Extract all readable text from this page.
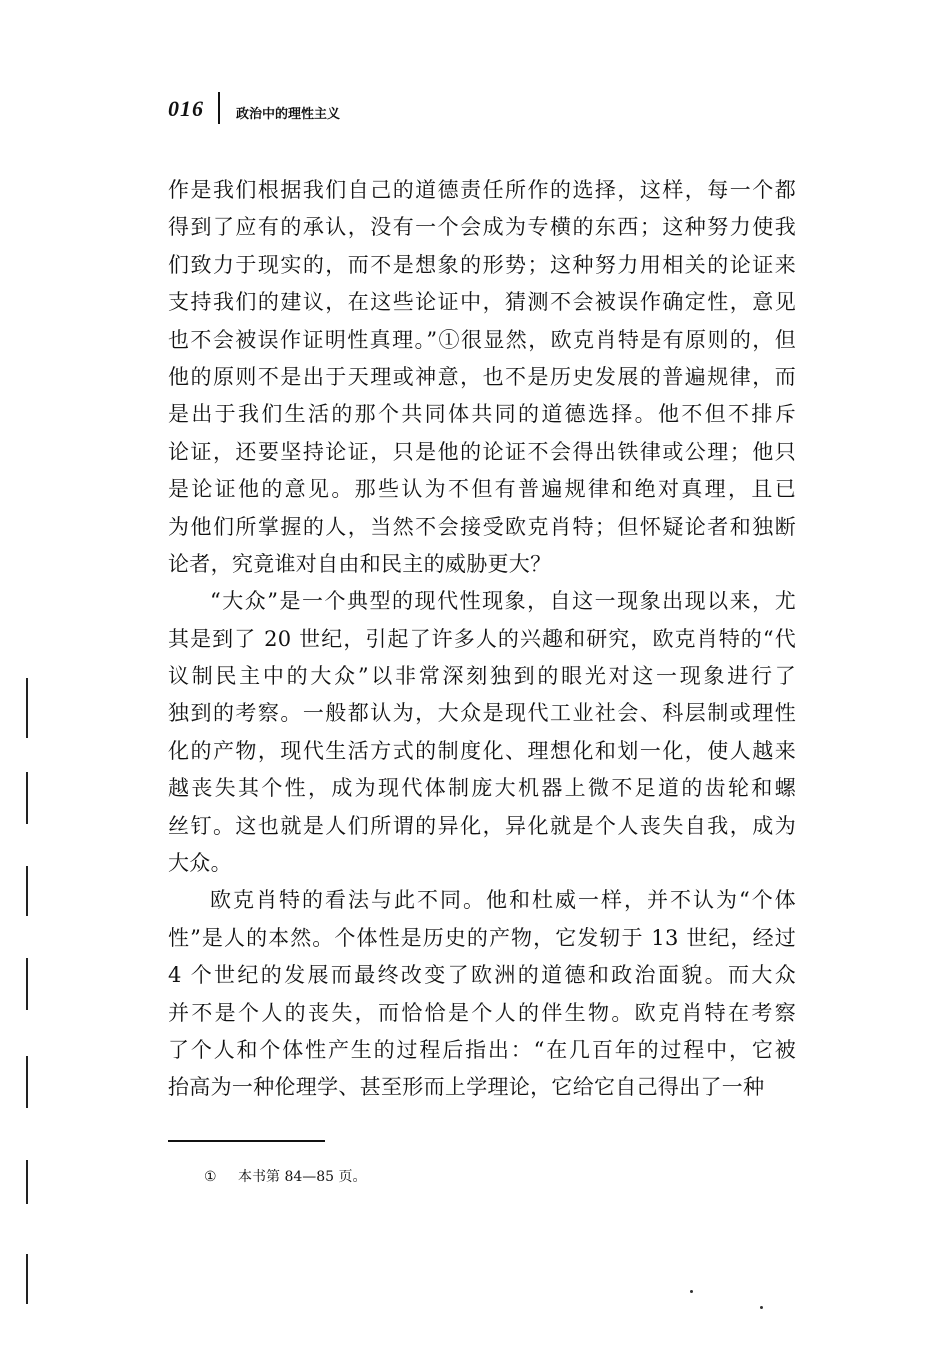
016 政治中的理性主义
作是我们根据我们自己的道德责任所作的选择，这样，每一个都
得到了应有的承认，没有一个会成为专横的东西；这种努力使我
们致力于现实的，而不是想象的形势；这种努力用相关的论证来
支持我们的建议，在这些论证中，猜测不会被误作确定性，意见
也不会被误作证明性真理。”①很显然，欧克肖特是有原则的，但
他的原则不是出于天理或神意，也不是历史发展的普遍规律，而
是出于我们生活的那个共同体共同的道德选择。他不但不排斥
论证，还要坚持论证，只是他的论证不会得出铁律或公理；他只
是论证他的意见。那些认为不但有普遍规律和绝对真理，且已
为他们所掌握的人，当然不会接受欧克肖特；但怀疑论者和独断
论者，究竟谁对自由和民主的威胁更大？
“大众”是一个典型的现代性现象，自这一现象出现以来，尤
其是到了 20 世纪，引起了许多人的兴趣和研究，欧克肖特的“代
议制民主中的大众”以非常深刻独到的眼光对这一现象进行了
独到的考察。一般都认为，大众是现代工业社会、科层制或理性
化的产物，现代生活方式的制度化、理想化和划一化，使人越来
越丧失其个性，成为现代体制庞大机器上微不足道的齿轮和螺
丝钉。这也就是人们所谓的异化，异化就是个人丧失自我，成为
大众。
欧克肖特的看法与此不同。他和杜威一样，并不认为“个体
性”是人的本然。个体性是历史的产物，它发轫于 13 世纪，经过
4 个世纪的发展而最终改变了欧洲的道德和政治面貌。而大众
并不是个人的丧失，而恰恰是个人的伴生物。欧克肖特在考察
了个人和个体性产生的过程后指出：“在几百年的过程中，它被
抬高为一种伦理学、甚至形而上学理论，它给它自己得出了一种
① 本书第 84—85 页。
